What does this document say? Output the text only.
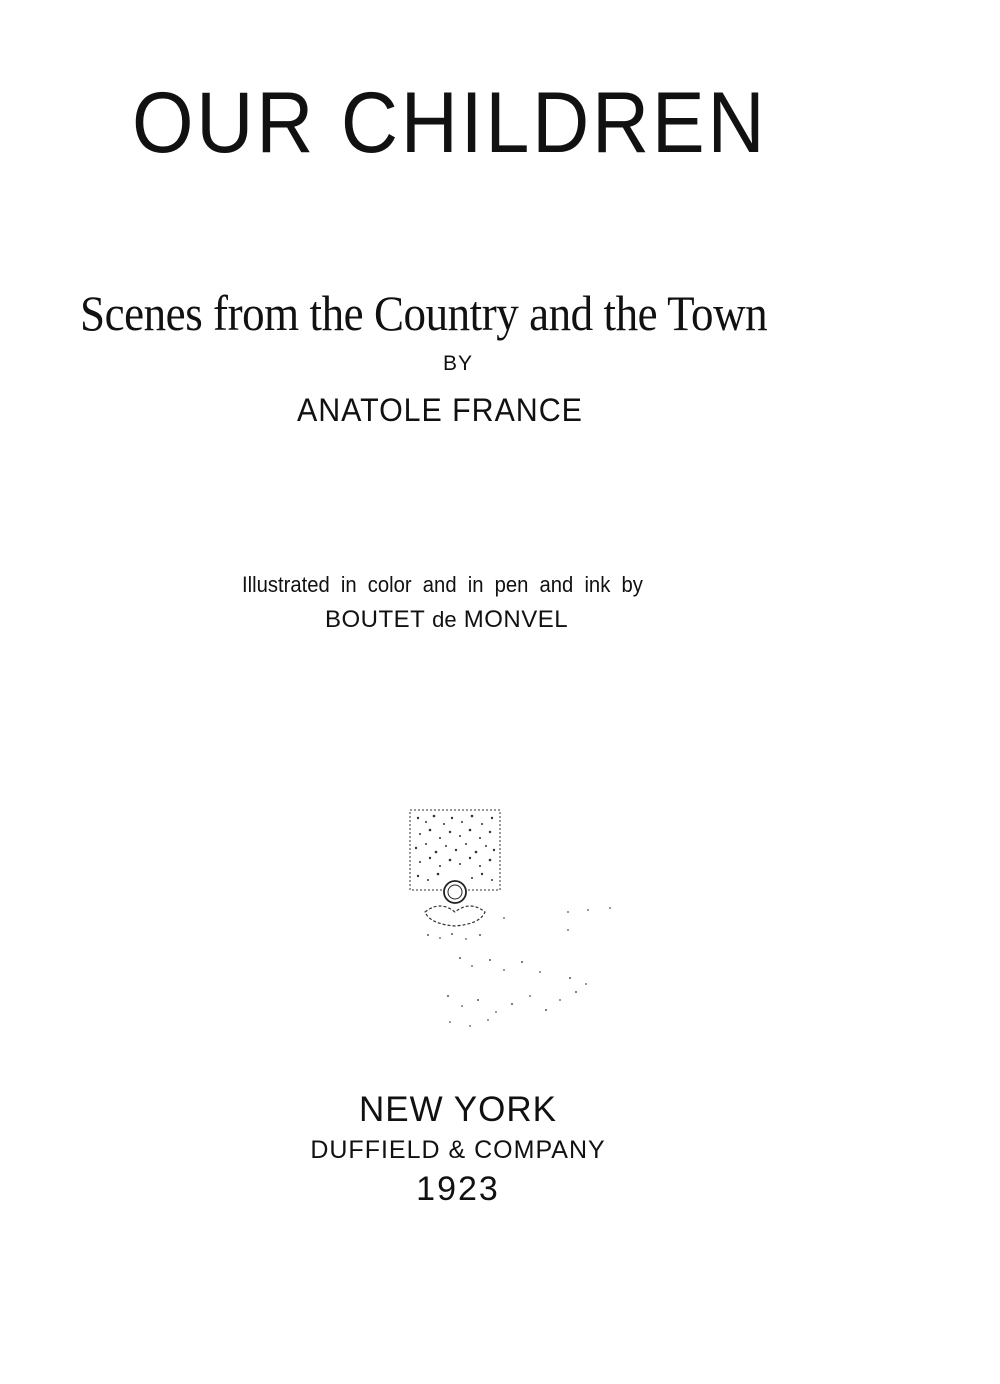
OUR CHILDREN
Scenes from the Country and the Town
BY
ANATOLE FRANCE
Illustrated in color and in pen and ink by
BOUTET de MONVEL
NEW YORK
DUFFIELD & COMPANY
1923
